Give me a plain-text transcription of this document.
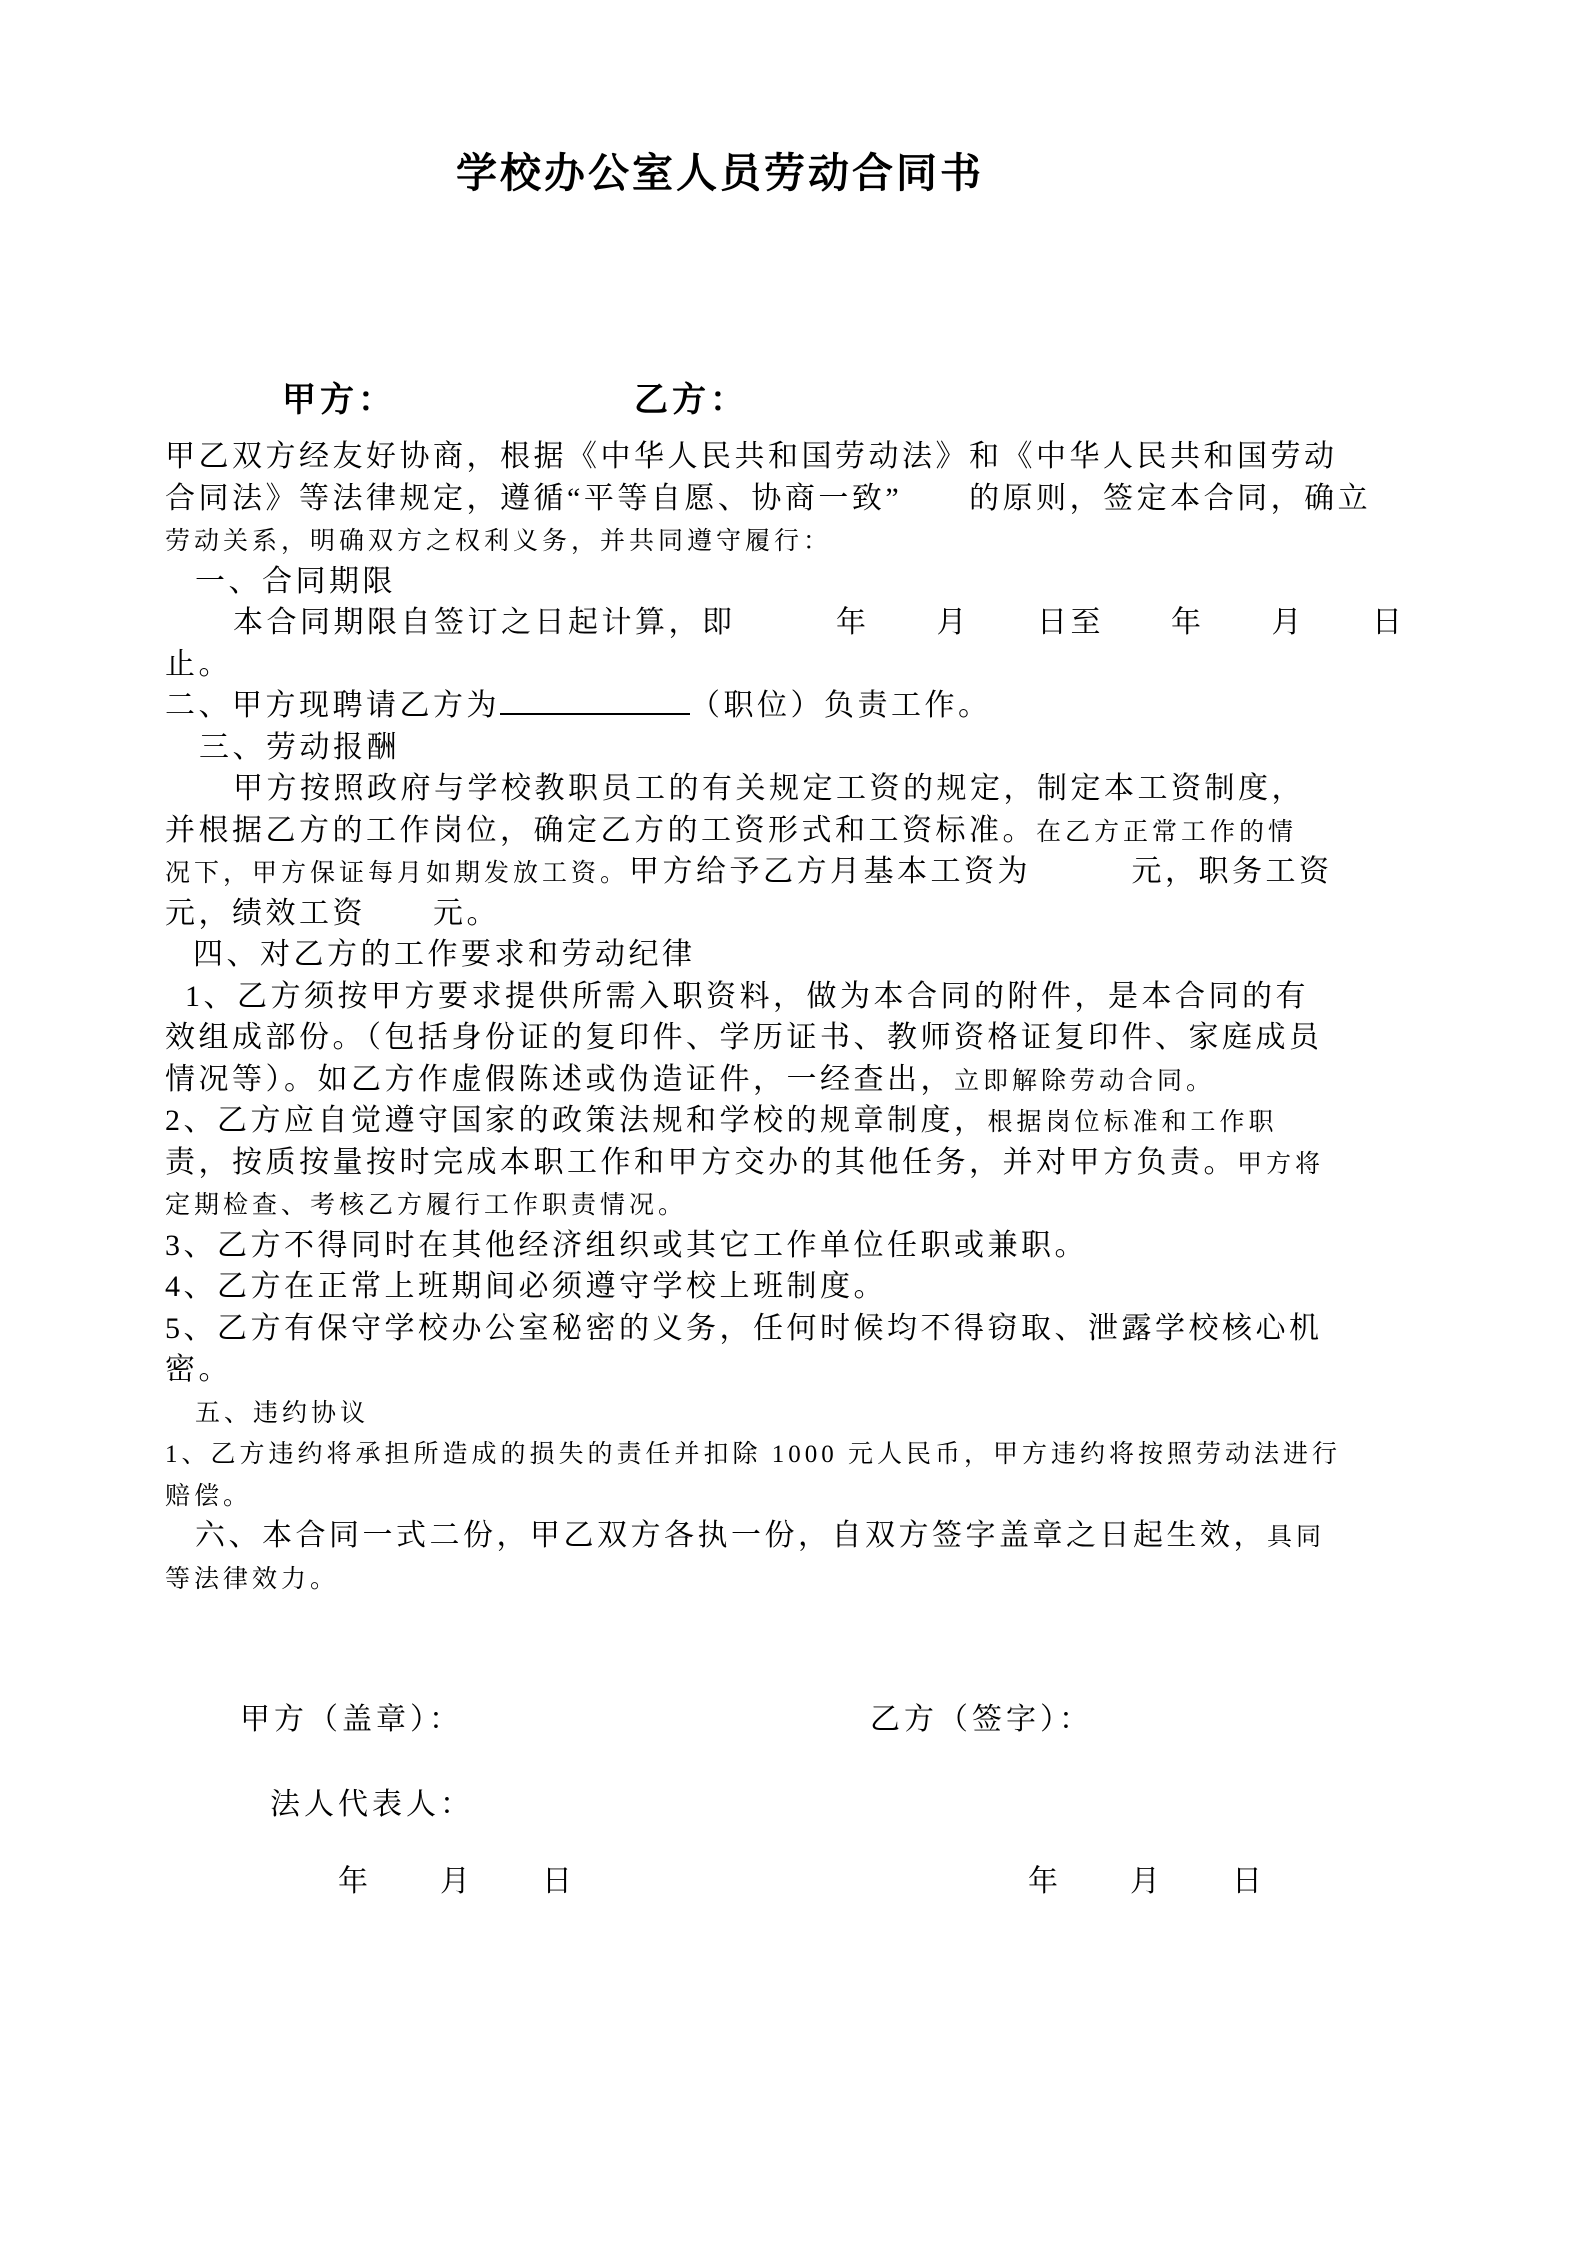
学校办公室人员劳动合同书
甲方：	乙方：
甲乙双方经友好协商，根据《中华人民共和国劳动法》和《中华人民共和国劳动
合同法》等法律规定，遵循“平等自愿、协商一致”　　的原则，签定本合同，确立
劳动关系，明确双方之权利义务，并共同遵守履行：
一、合同期限
本合同期限自签订之日起计算，即　　　年　　月　　日至　　年　　月　　日
止。
二、甲方现聘请乙方为	（职位）负责工作。
三、劳动报酬
甲方按照政府与学校教职员工的有关规定工资的规定，制定本工资制度，
并根据乙方的工作岗位，确定乙方的工资形式和工资标准。在乙方正常工作的情
况下，甲方保证每月如期发放工资。甲方给予乙方月基本工资为　　　元，职务工资
元，绩效工资　　元。
四、对乙方的工作要求和劳动纪律
1、乙方须按甲方要求提供所需入职资料，做为本合同的附件，是本合同的有
效组成部份。（包括身份证的复印件、学历证书、教师资格证复印件、家庭成员
情况等）。如乙方作虚假陈述或伪造证件，一经查出，立即解除劳动合同。
2、乙方应自觉遵守国家的政策法规和学校的规章制度，根据岗位标准和工作职
责，按质按量按时完成本职工作和甲方交办的其他任务，并对甲方负责。甲方将
定期检查、考核乙方履行工作职责情况。
3、乙方不得同时在其他经济组织或其它工作单位任职或兼职。
4、乙方在正常上班期间必须遵守学校上班制度。
5、乙方有保守学校办公室秘密的义务，任何时候均不得窃取、泄露学校核心机
密。
五、违约协议
1、乙方违约将承担所造成的损失的责任并扣除 1000 元人民币，甲方违约将按照劳动法进行
赔偿。
六、本合同一式二份，甲乙双方各执一份，自双方签字盖章之日起生效，具同
等法律效力。
甲方（盖章）：	乙方（签字）：
法人代表人：
年　　月　　日	年　　月　　日
